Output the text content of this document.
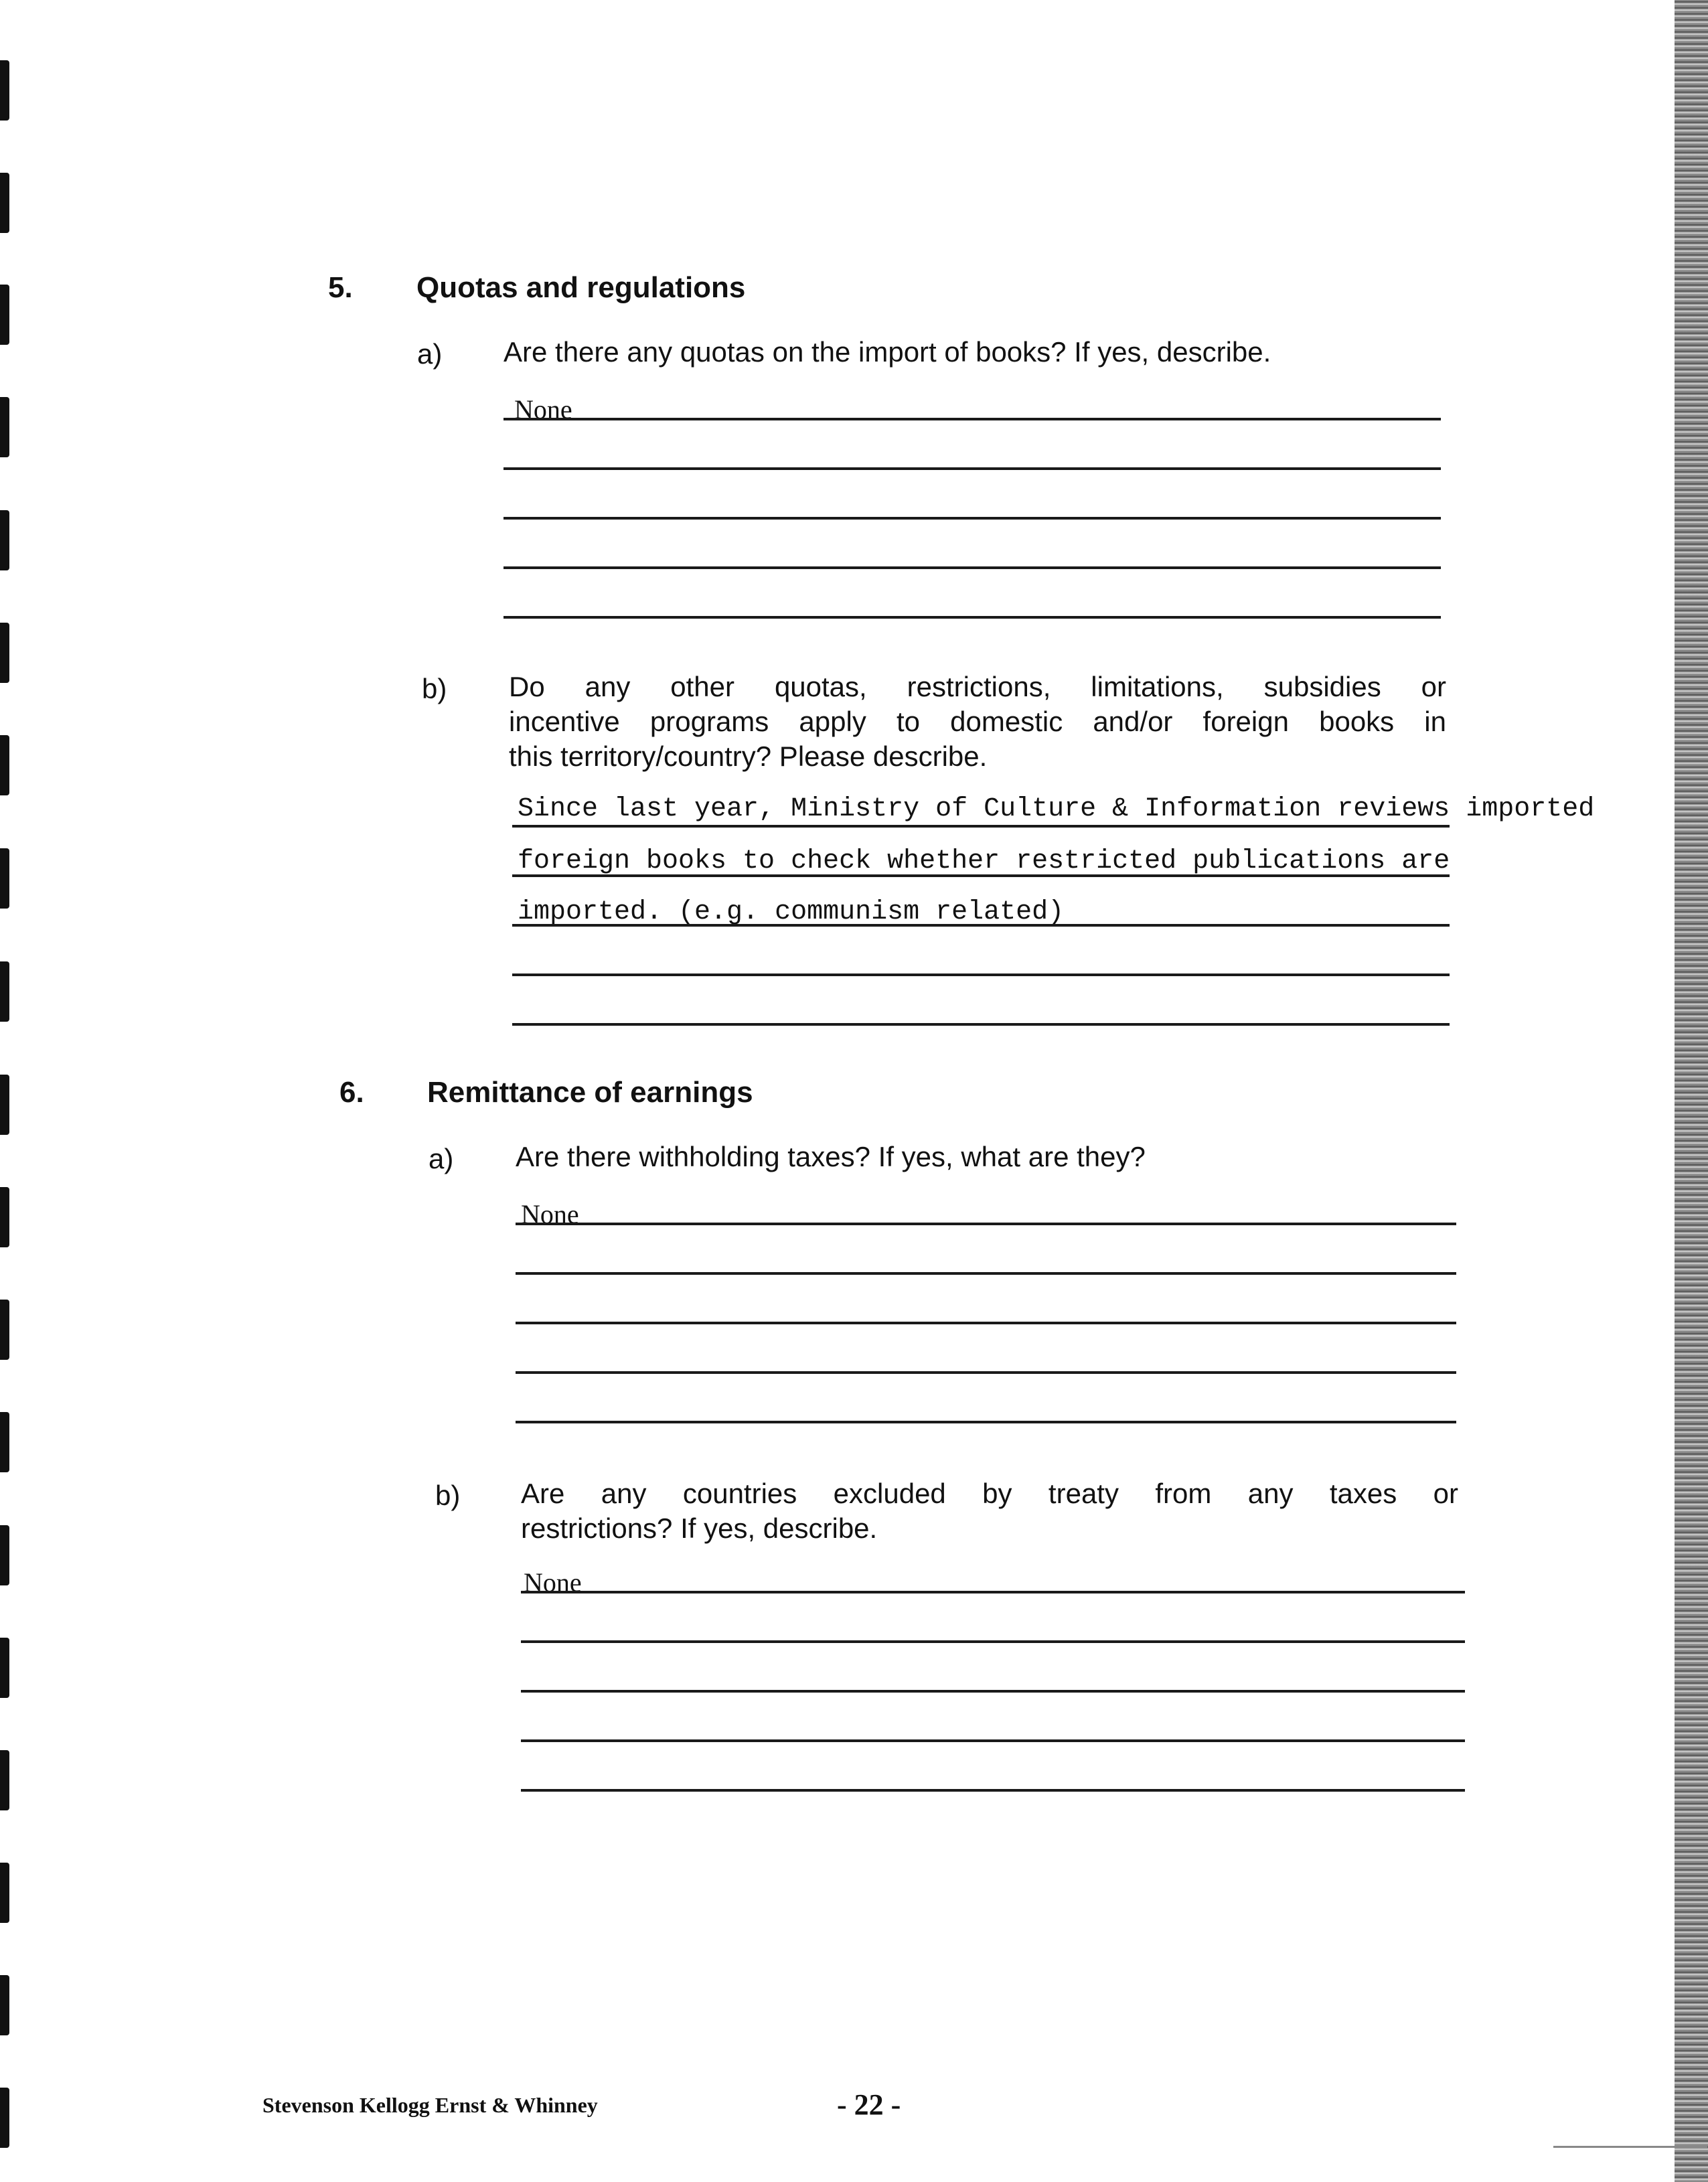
5. Quotas and regulations
a) Are there any quotas on the import of books? If yes, describe.
None
b) Do any other quotas, restrictions, limitations, subsidies or
incentive programs apply to domestic and/or foreign books in
this territory/country? Please describe.
Since last year, Ministry of Culture & Information reviews imported
foreign books to check whether restricted publications are
imported. (e.g. communism related)
6. Remittance of earnings
a) Are there withholding taxes? If yes, what are they?
None
b) Are any countries excluded by treaty from any taxes or
restrictions? If yes, describe.
None
Stevenson Kellogg Ernst & Whinney	- 22 -
